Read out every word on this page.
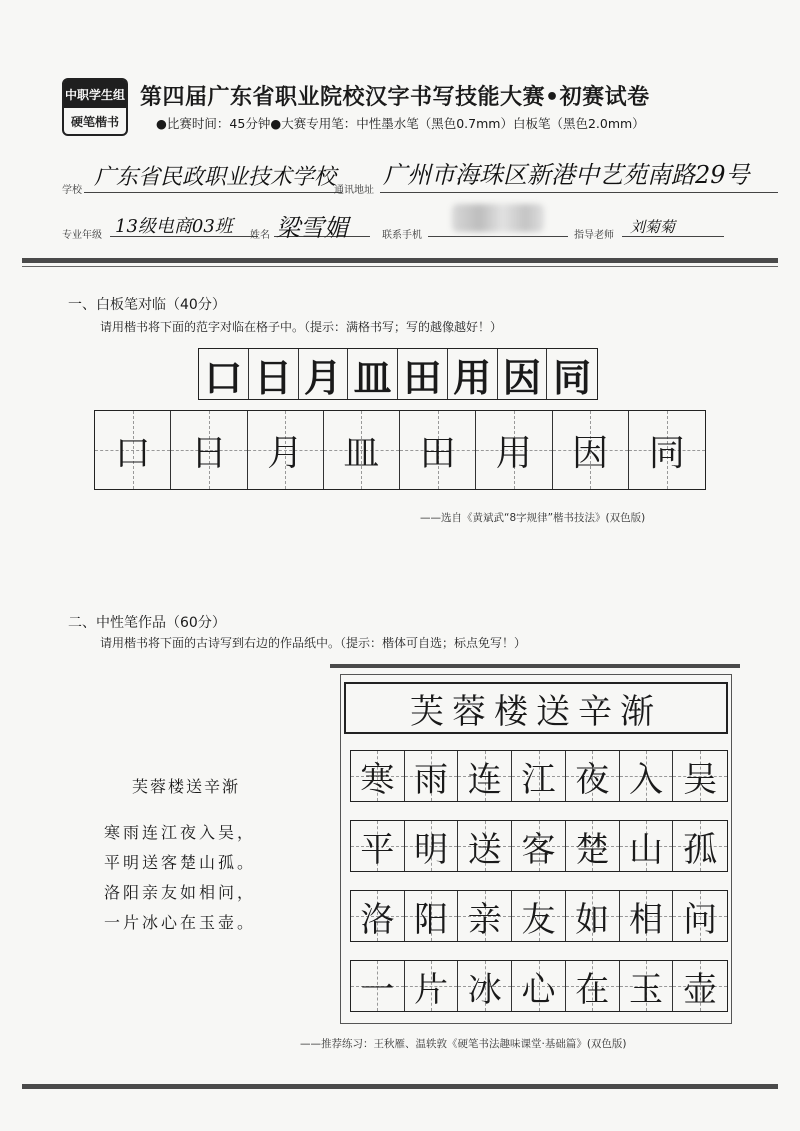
中职学生组
硬笔楷书
第四届广东省职业院校汉字书写技能大赛•初赛试卷
●比赛时间：45分钟●大赛专用笔：中性墨水笔（黑色0.7mm）白板笔（黑色2.0mm）
学校
广东省民政职业技术学校
通讯地址
广州市海珠区新港中艺苑南路29号
专业年级 13级电商03班 姓名 梁雪媚	联系手机	指导老师 刘菊菊
一、白板笔对临（40分）
请用楷书将下面的范字对临在格子中。（提示：满格书写；写的越像越好！）
口 日 月 皿 田 用 因 同
口 日 月 皿 田 用 因 同
——选自《黄斌武“8字规律”楷书技法》(双色版)
二、中性笔作品（60分）
请用楷书将下面的古诗写到右边的作品纸中。（提示：楷体可自选；标点免写！）
芙蓉楼送辛渐
寒雨连江夜入吴，
平明送客楚山孤。
洛阳亲友如相问，
一片冰心在玉壶。
芙蓉楼送辛渐
寒 雨 连 江 夜 入 吴
平 明 送 客 楚 山 孤
洛 阳 亲 友 如 相 问
一 片 冰 心 在 玉 壶
——推荐练习：王秋雁、温轶敦《硬笔书法趣味课堂·基础篇》(双色版)
